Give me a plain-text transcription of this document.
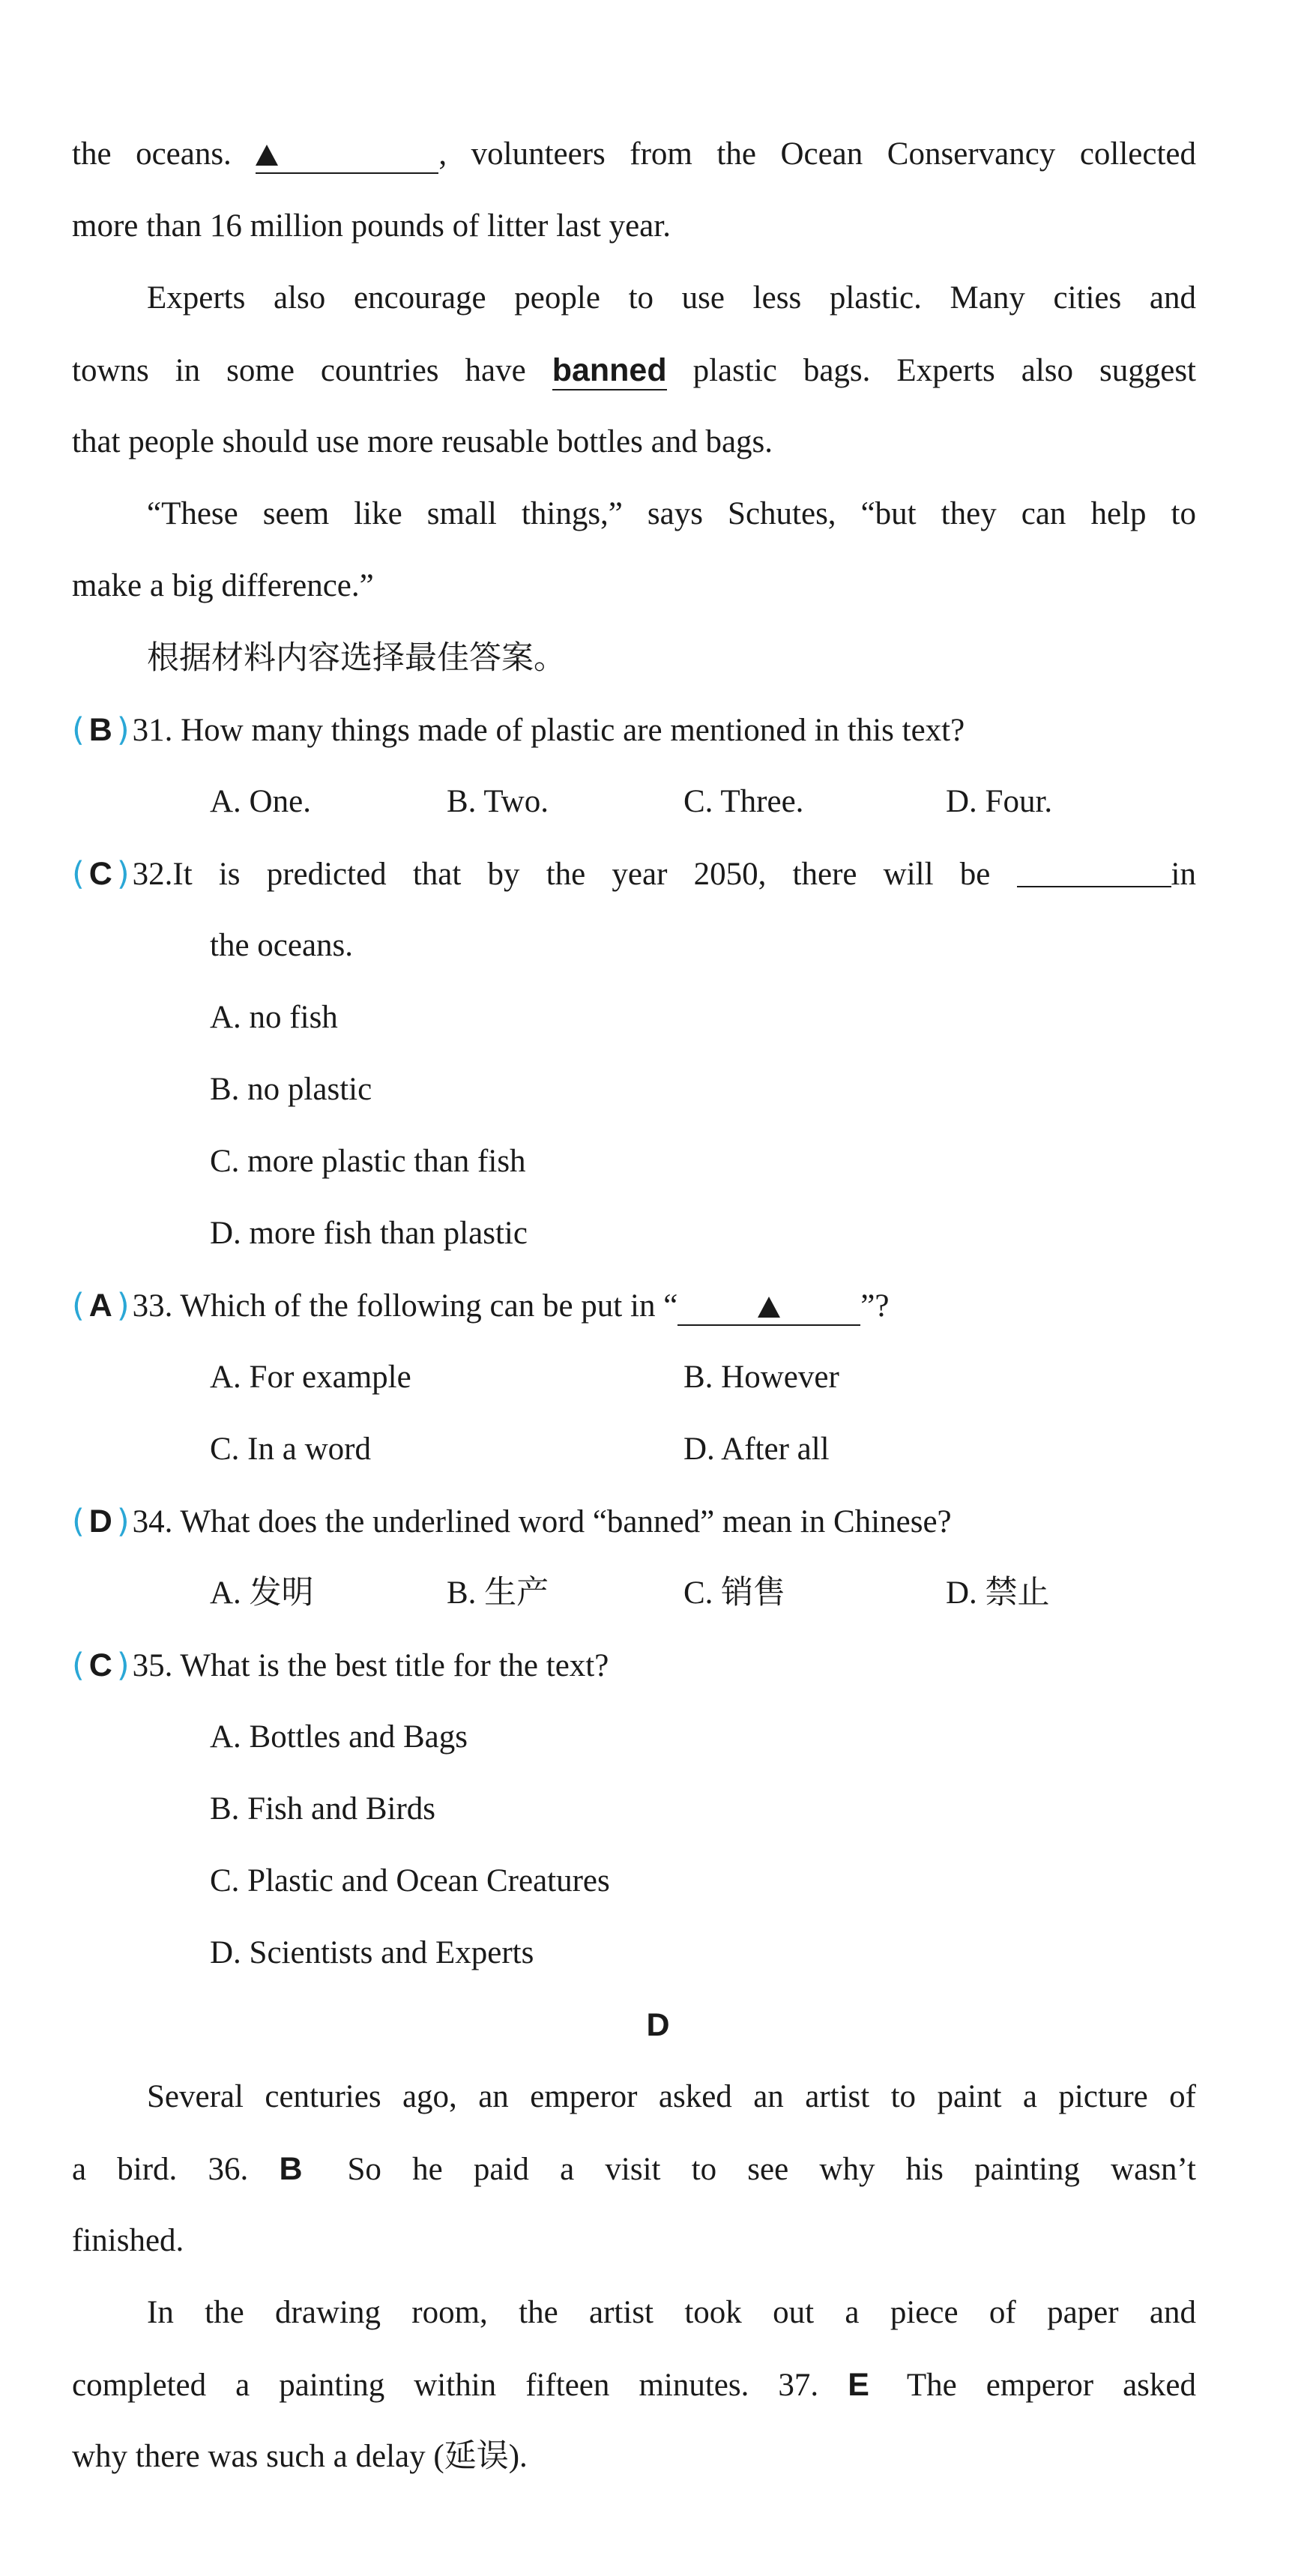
the oceans.	, volunteers from the Ocean Conservancy collected
more than 16 million pounds of litter last year.
Experts also encourage people to use less plastic. Many cities and
towns in some countries have banned plastic bags. Experts also suggest
that people should use more reusable bottles and bags.
“These seem like small things,” says Schutes, “but they can help to
make a big difference.”
根据材料内容选择最佳答案。
( B )31. How many things made of plastic are mentioned in this text?
A. One.	B. Two.	C. Three.	D. Four.
( C )32.It is predicted that by the year 2050, there will be	in
the oceans.
A. no fish
B. no plastic
C. more plastic than fish
D. more fish than plastic
( A )33. Which of the following can be put in “	”?
A. For example	B. However
C. In a word	D. After all
( D )34. What does the underlined word “banned” mean in Chinese?
A. 发明	B. 生产	C. 销售	D. 禁止
( C )35. What is the best title for the text?
A. Bottles and Bags
B. Fish and Birds
C. Plastic and Ocean Creatures
D. Scientists and Experts
D
Several centuries ago, an emperor asked an artist to paint a picture of
a bird. 36. B So he paid a visit to see why his painting wasn’t
finished.
In the drawing room, the artist took out a piece of paper and
completed a painting within fifteen minutes. 37. E The emperor asked
why there was such a delay (延误).
